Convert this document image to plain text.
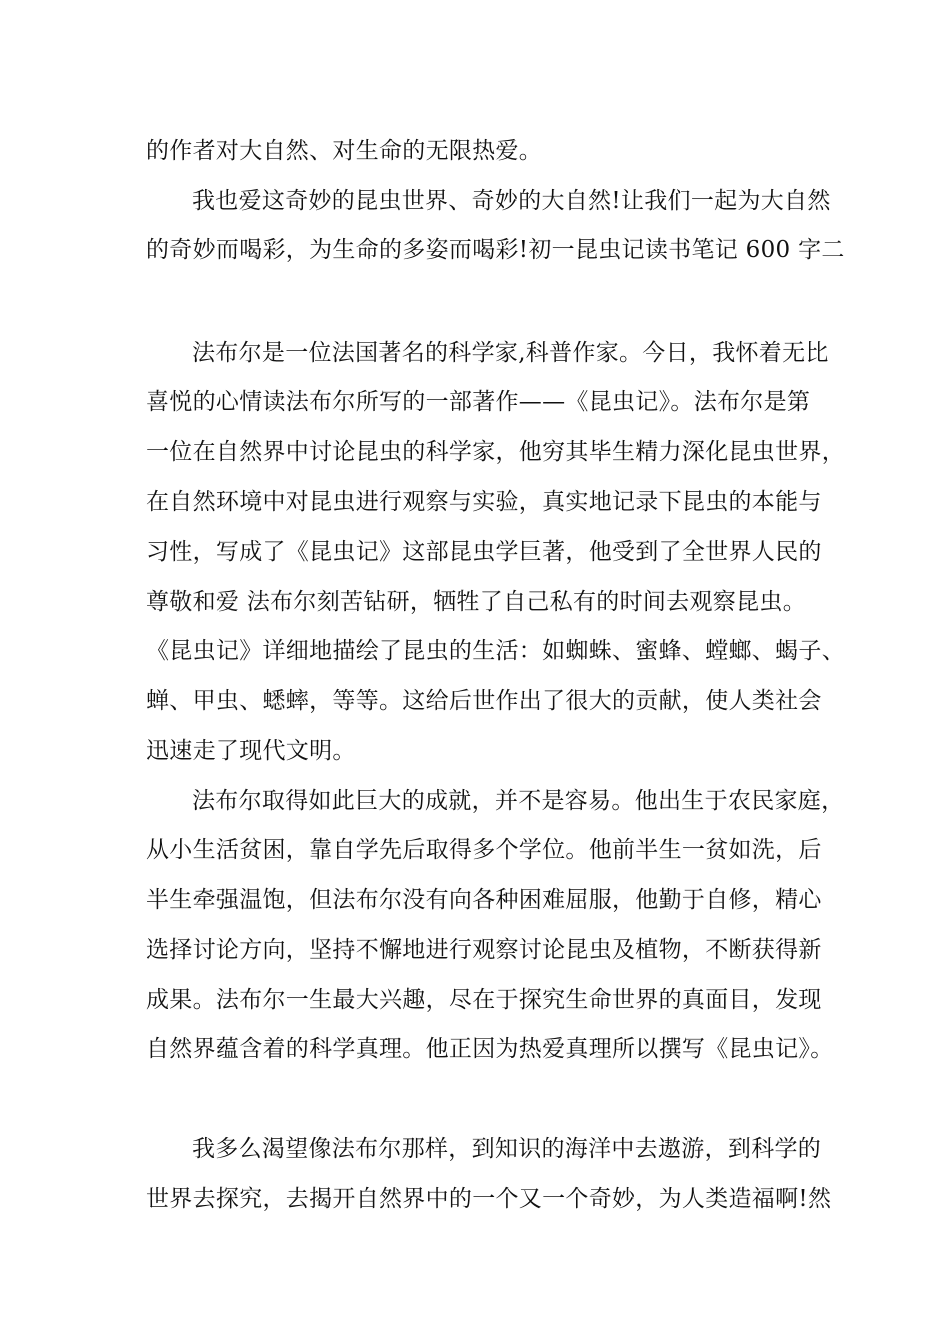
的作者对大自然、对生命的无限热爱。
我也爱这奇妙的昆虫世界、奇妙的大自然!让我们一起为大自然
的奇妙而喝彩，为生命的多姿而喝彩!初一昆虫记读书笔记 600 字二
法布尔是一位法国著名的科学家,科普作家。今日，我怀着无比
喜悦的心情读法布尔所写的一部著作——《昆虫记》。法布尔是第
一位在自然界中讨论昆虫的科学家，他穷其毕生精力深化昆虫世界，
在自然环境中对昆虫进行观察与实验，真实地记录下昆虫的本能与
习性，写成了《昆虫记》这部昆虫学巨著，他受到了全世界人民的
尊敬和爱 法布尔刻苦钻研，牺牲了自己私有的时间去观察昆虫。
《昆虫记》详细地描绘了昆虫的生活：如蜘蛛、蜜蜂、螳螂、蝎子、
蝉、甲虫、蟋蟀，等等。这给后世作出了很大的贡献，使人类社会
迅速走了现代文明。
法布尔取得如此巨大的成就，并不是容易。他出生于农民家庭，
从小生活贫困，靠自学先后取得多个学位。他前半生一贫如洗，后
半生牵强温饱，但法布尔没有向各种困难屈服，他勤于自修，精心
选择讨论方向，坚持不懈地进行观察讨论昆虫及植物，不断获得新
成果。法布尔一生最大兴趣，尽在于探究生命世界的真面目，发现
自然界蕴含着的科学真理。他正因为热爱真理所以撰写《昆虫记》。
我多么渴望像法布尔那样，到知识的海洋中去遨游，到科学的
世界去探究，去揭开自然界中的一个又一个奇妙，为人类造福啊!然
